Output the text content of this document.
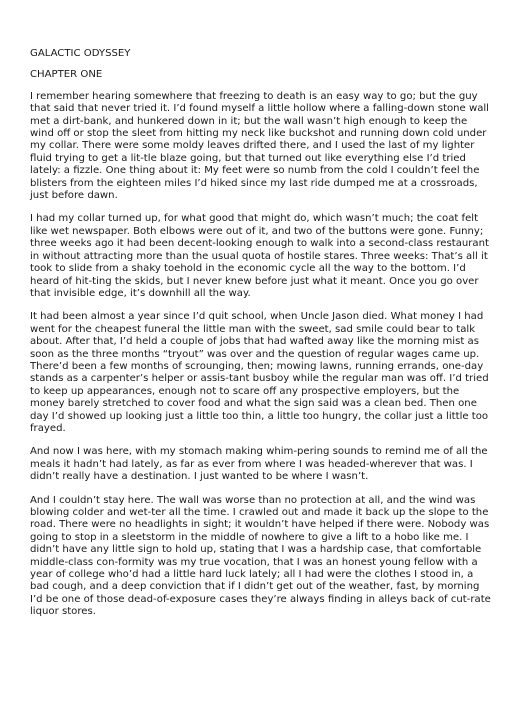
GALACTIC ODYSSEY

CHAPTER ONE

I remember hearing somewhere that freezing to death is an easy way to go; but the guy that said that never tried it. I’d found myself a little hollow where a falling-down stone wall met a dirt-bank, and hunkered down in it; but the wall wasn’t high enough to keep the wind off or stop the sleet from hitting my neck like buckshot and running down cold under my collar. There were some moldy leaves drifted there, and I used the last of my lighter fluid trying to get a lit-tle blaze going, but that turned out like everything else I’d tried lately: a fizzle. One thing about it: My feet were so numb from the cold I couldn’t feel the blisters from the eighteen miles I’d hiked since my last ride dumped me at a crossroads, just before dawn.

I had my collar turned up, for what good that might do, which wasn’t much; the coat felt like wet newspaper. Both elbows were out of it, and two of the buttons were gone. Funny; three weeks ago it had been decent-looking enough to walk into a second-class restaurant in without attracting more than the usual quota of hostile stares. Three weeks: That’s all it took to slide from a shaky toehold in the economic cycle all the way to the bottom. I’d heard of hit-ting the skids, but I never knew before just what it meant. Once you go over that invisible edge, it’s downhill all the way.

It had been almost a year since I’d quit school, when Uncle Jason died. What money I had went for the cheapest funeral the little man with the sweet, sad smile could bear to talk about. After that, I’d held a couple of jobs that had wafted away like the morning mist as soon as the three months “tryout” was over and the question of regular wages came up. There’d been a few months of scrounging, then; mowing lawns, running errands, one-day stands as a carpenter’s helper or assis-tant busboy while the regular man was off. I’d tried to keep up appearances, enough not to scare off any prospective employers, but the money barely stretched to cover food and what the sign said was a clean bed. Then one day I’d showed up looking just a little too thin, a little too hungry, the collar just a little too frayed.

And now I was here, with my stomach making whim-pering sounds to remind me of all the meals it hadn’t had lately, as far as ever from where I was headed-wherever that was. I didn’t really have a destination. I just wanted to be where I wasn’t.

And I couldn’t stay here. The wall was worse than no protection at all, and the wind was blowing colder and wet-ter all the time. I crawled out and made it back up the slope to the road. There were no headlights in sight; it wouldn’t have helped if there were. Nobody was going to stop in a sleetstorm in the middle of nowhere to give a lift to a hobo like me. I didn’t have any little sign to hold up, stating that I was a hardship case, that comfortable middle-class con-formity was my true vocation, that I was an honest young fellow with a year of college who’d had a little hard luck lately; all I had were the clothes I stood in, a bad cough, and a deep conviction that if I didn’t get out of the weather, fast, by morning I’d be one of those dead-of-exposure cases they’re always finding in alleys back of cut-rate liquor stores.
